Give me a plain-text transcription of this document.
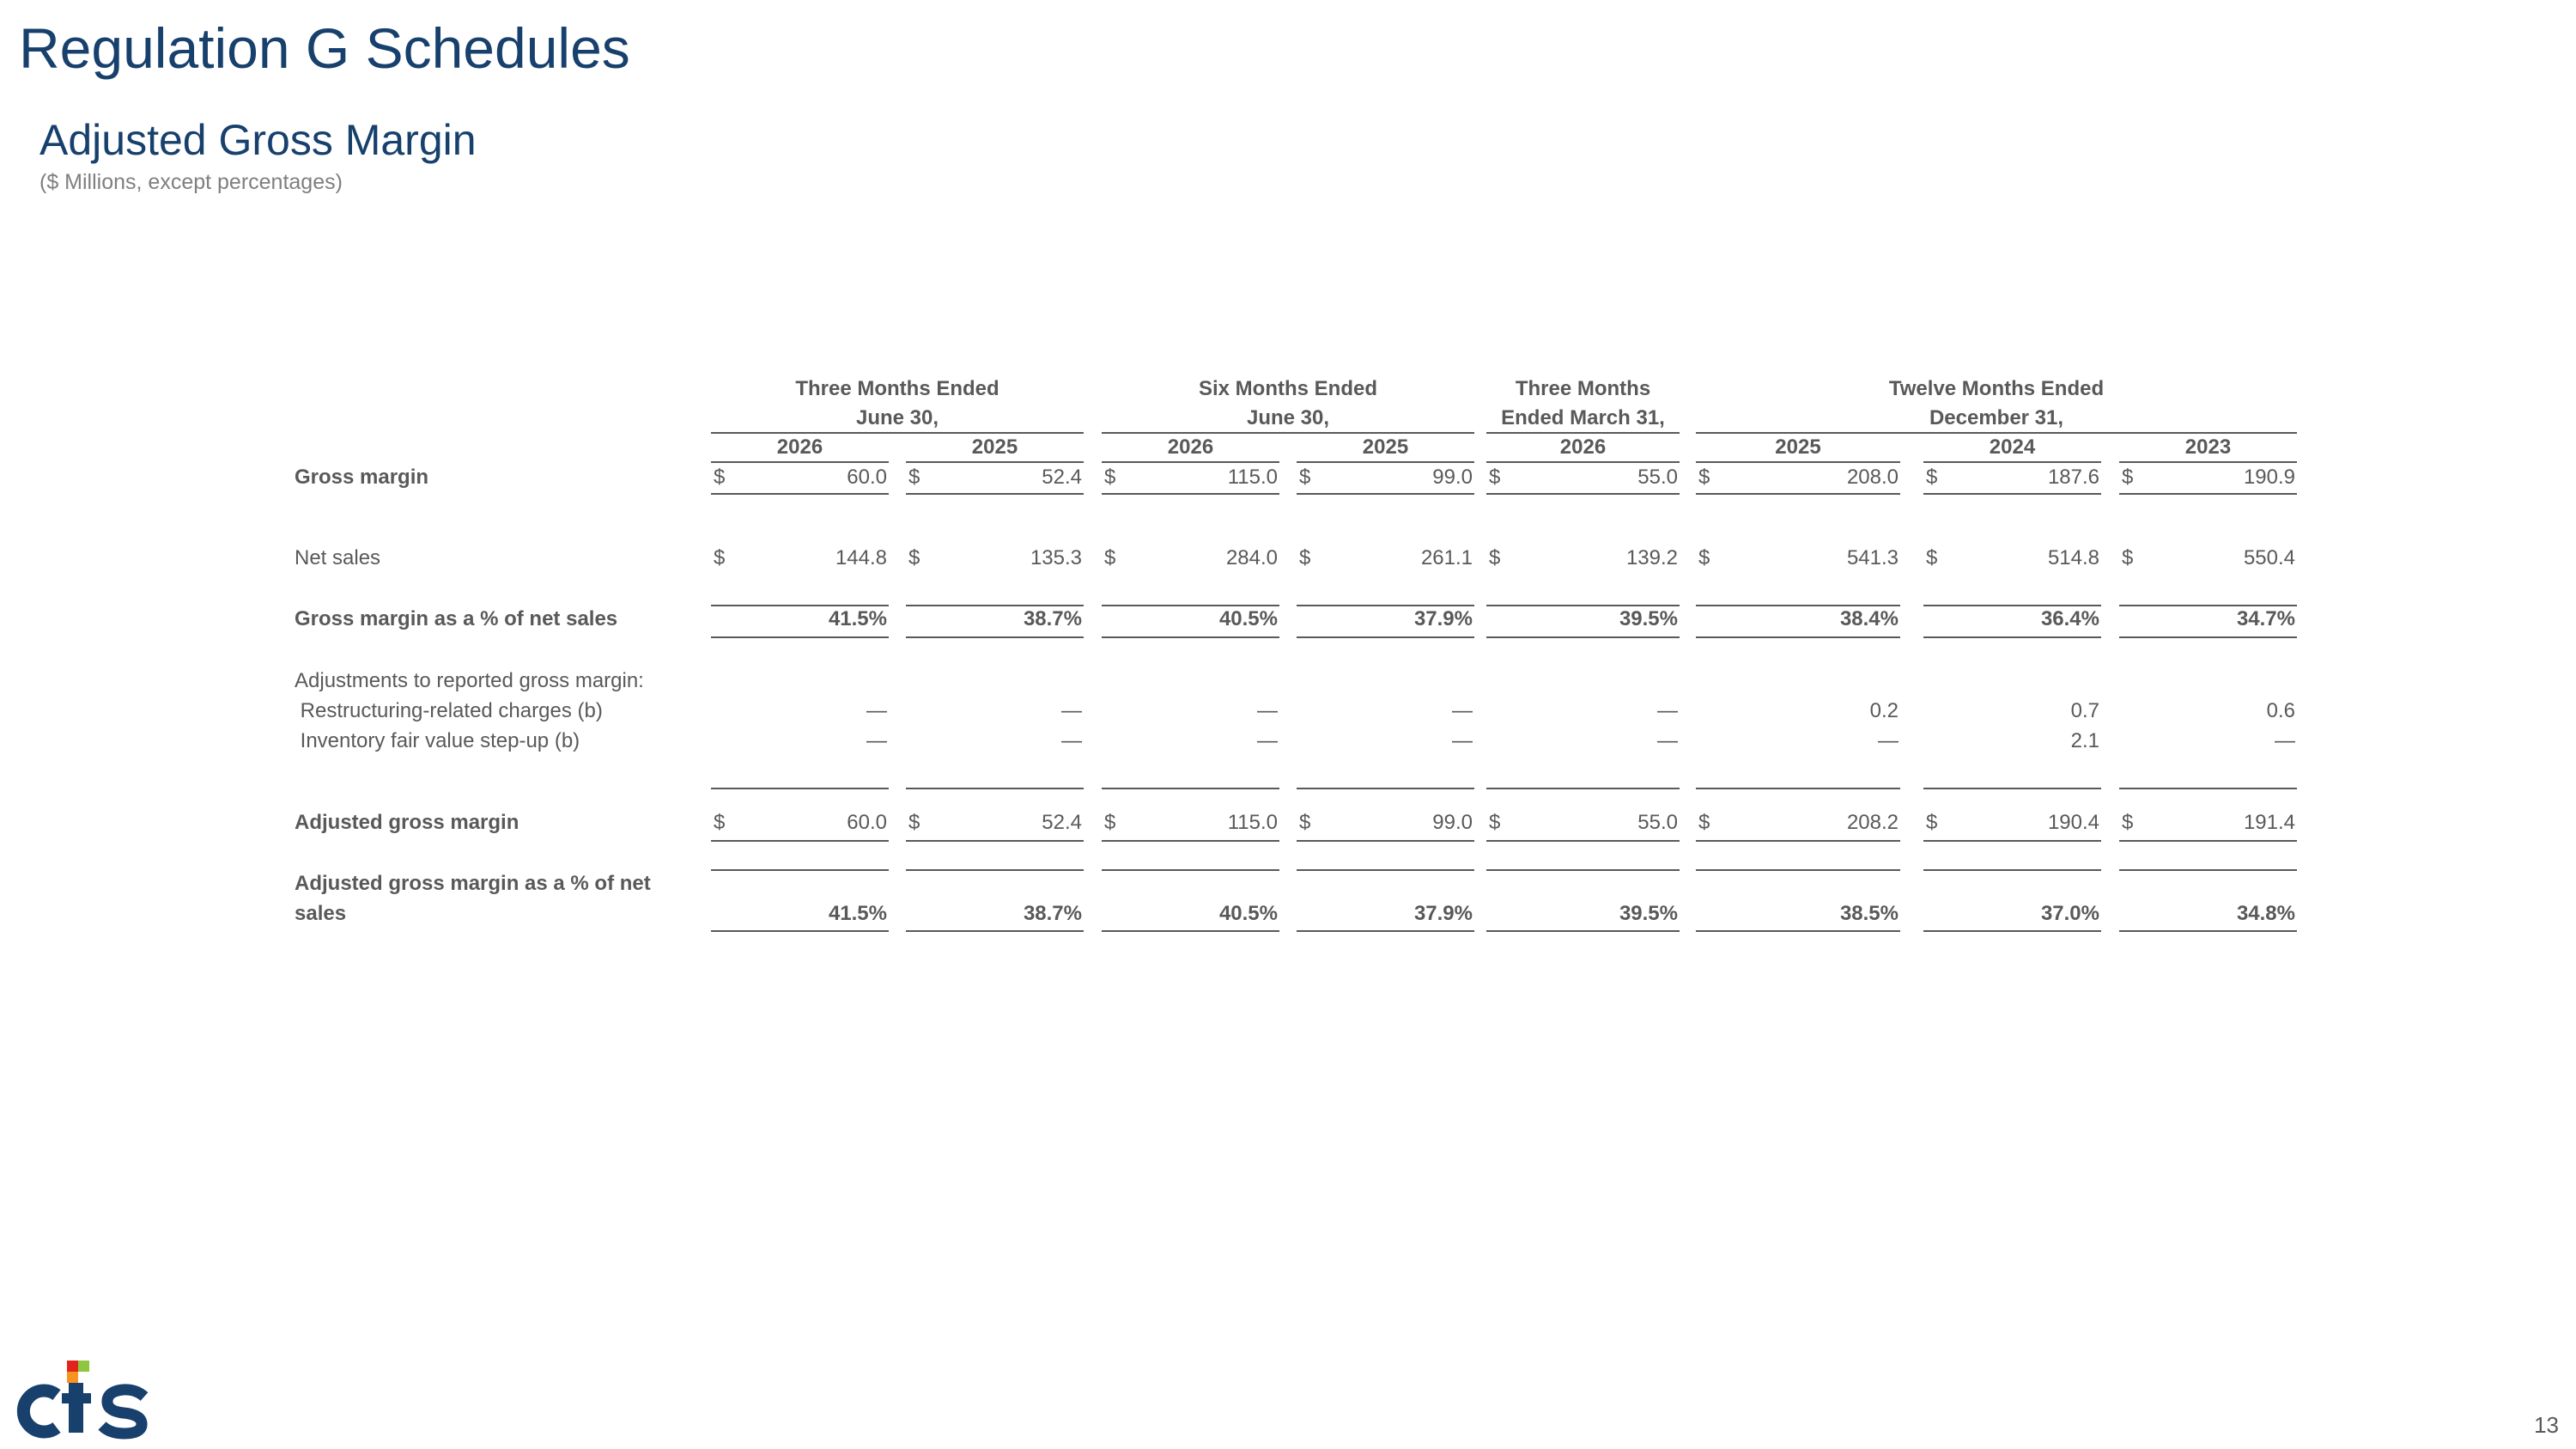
Regulation G Schedules
Adjusted Gross Margin
($ Millions, except percentages)
Three Months Ended
June 30,
Six Months Ended
June 30,
Three Months
Ended March 31,
Twelve Months Ended
December 31,
2026	2025	2026	2025	2026	2025	2024	2023
Gross margin	$	60.0 $	52.4 $	115.0 $	99.0 $	55.0 $	208.0 $	187.6 $	190.9
Net sales	$	144.8 $	135.3 $	284.0 $	261.1 $	139.2 $	541.3 $	514.8 $	550.4
Gross margin as a % of net sales	41.5%	38.7%	40.5%	37.9%	39.5%	38.4%	36.4%	34.7%
Adjustments to reported gross margin:
Restructuring-related charges (b)	—	—	—	—	—	0.2	0.7	0.6
Inventory fair value step-up (b)	—	—	—	—	—	—	2.1	—
Adjusted gross margin	$	60.0 $	52.4 $	115.0 $	99.0 $	55.0 $	208.2 $	190.4 $	191.4
Adjusted gross margin as a % of net
sales	41.5%	38.7%	40.5%	37.9%	39.5%	38.5%	37.0%	34.8%
13
